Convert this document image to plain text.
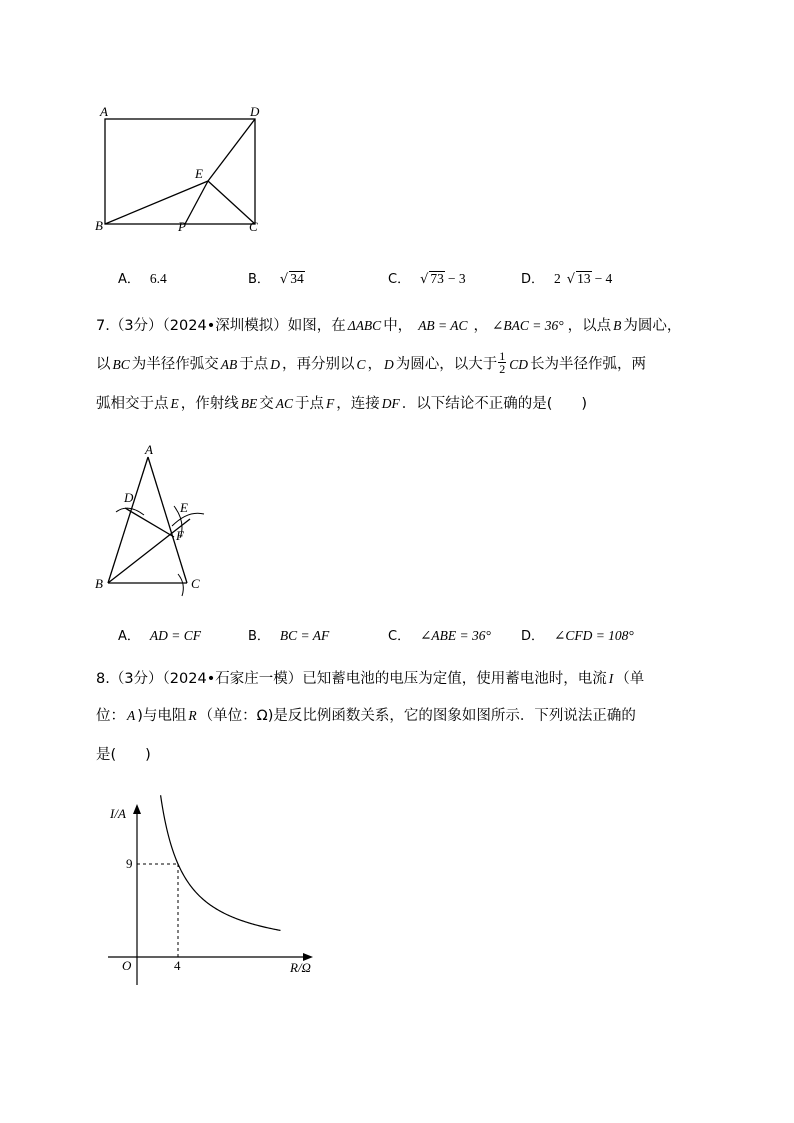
A	D
E
B	P	C
A． 6.4	B． √ 34	C． √ 73 − 3	D． 2 √ 13 − 4
7.（3分）（2024•深圳模拟）如图，在 ΔABC 中， AB = AC ， ∠BAC = 36° ，以点 B 为圆心，
以 BC 为半径作弧交 AB 于点 D ，再分别以 C ， D 为圆心，以大于 $\frac{1}{2}$ CD 长为半径作弧，两
弧相交于点 E ，作射线 BE 交 AC 于点 F ，连接 DF ．以下结论不正确的是(　　)
A
D
E
F
B	C
A． AD = CF	B． BC = AF	C． ∠ABE = 36° D． ∠CFD = 108°
8.（3分）（2024•石家庄一模）已知蓄电池的电压为定值，使用蓄电池时，电流 I （单
位： A )与电阻 R （单位：Ω)是反比例函数关系，它的图象如图所示．下列说法正确的
是(　　)
I/A
R/Ω
O
9
4
